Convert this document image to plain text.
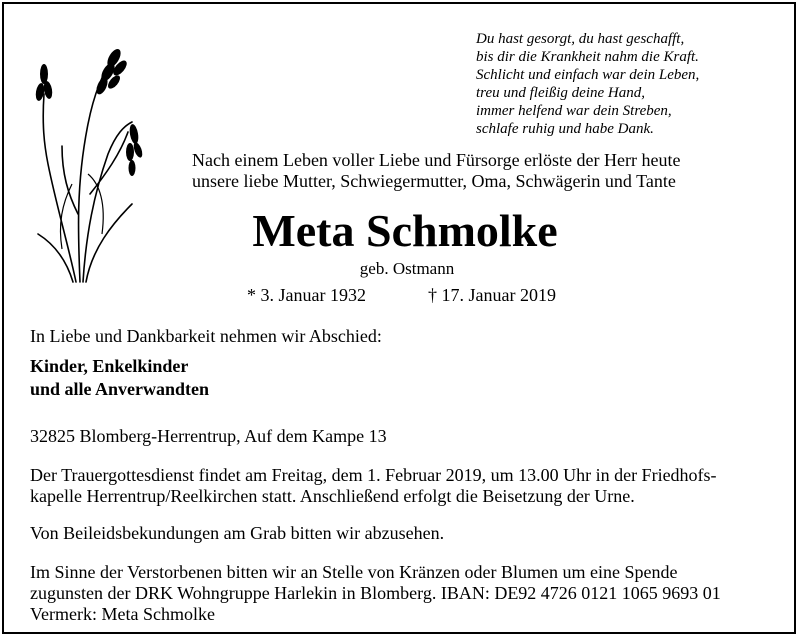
Du hast gesorgt, du hast geschafft,
bis dir die Krankheit nahm die Kraft.
Schlicht und einfach war dein Leben,
treu und fleißig deine Hand,
immer helfend war dein Streben,
schlafe ruhig und habe Dank.
Nach einem Leben voller Liebe und Fürsorge erlöste der Herr heute
unsere liebe Mutter, Schwiegermutter, Oma, Schwägerin und Tante
Meta Schmolke
geb. Ostmann
* 3. Januar 1932	† 17. Januar 2019
In Liebe und Dankbarkeit nehmen wir Abschied:
Kinder, Enkelkinder
und alle Anverwandten
32825 Blomberg-Herrentrup, Auf dem Kampe 13
Der Trauergottesdienst findet am Freitag, dem 1. Februar 2019, um 13.00 Uhr in der Friedhofs-
kapelle Herrentrup/Reelkirchen statt. Anschließend erfolgt die Beisetzung der Urne.
Von Beileidsbekundungen am Grab bitten wir abzusehen.
Im Sinne der Verstorbenen bitten wir an Stelle von Kränzen oder Blumen um eine Spende
zugunsten der DRK Wohngruppe Harlekin in Blomberg. IBAN: DE92 4726 0121 1065 9693 01
Vermerk: Meta Schmolke
